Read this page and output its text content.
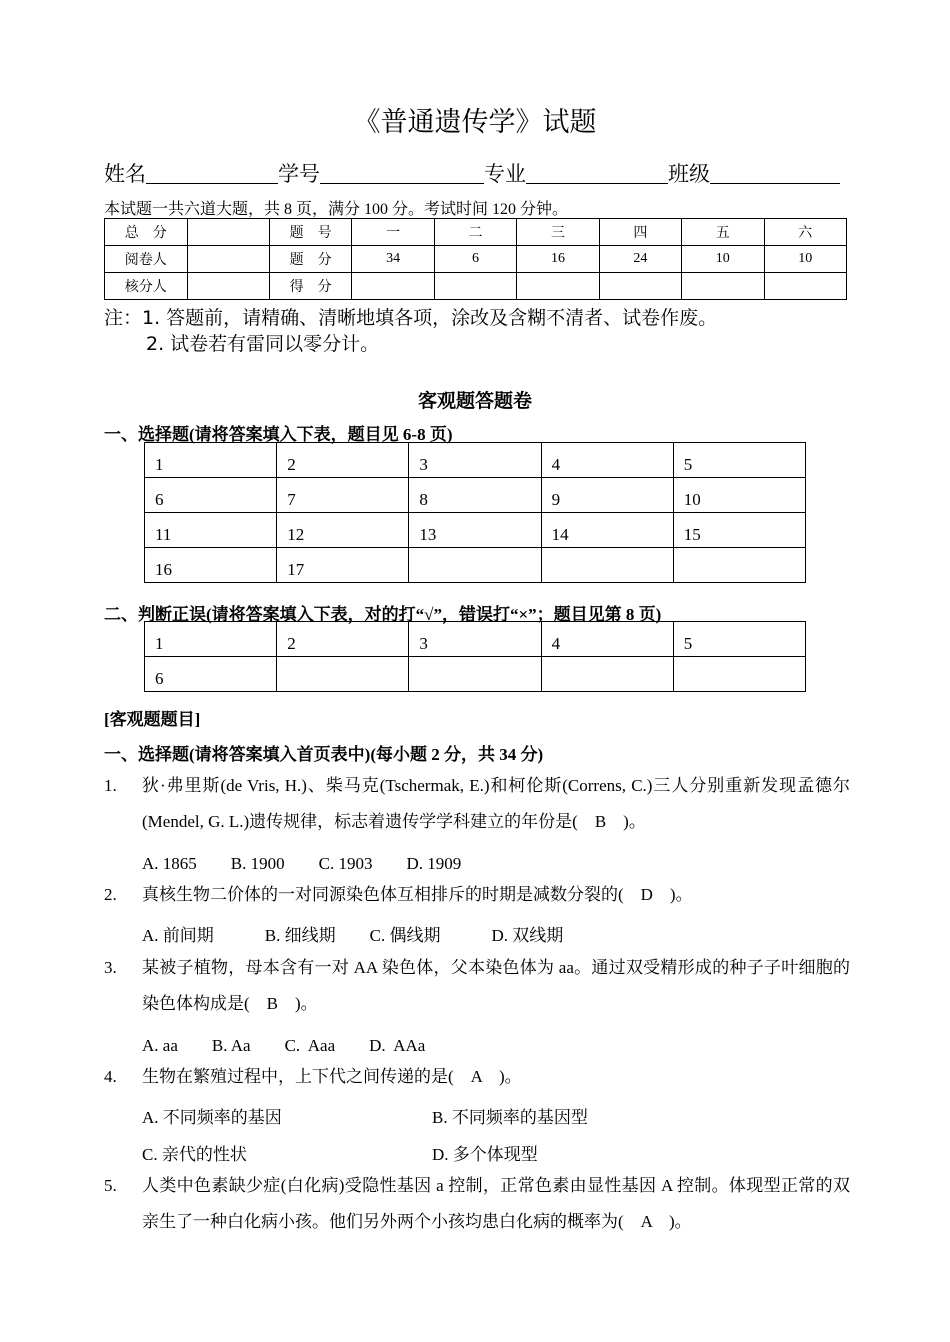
《普通遗传学》试题
姓名	学号	专业	班级
本试题一共六道大题，共 8 页，满分 100 分。考试时间 120 分钟。
总　分		题　号	一	二	三	四	五	六
阅卷人		题　分	34	6	16	24	10	10
核分人		得　分						
注：1. 答题前，请精确、清晰地填各项，涂改及含糊不清者、试卷作废。
2. 试卷若有雷同以零分计。
客观题答题卷
一、选择题(请将答案填入下表，题目见 6-8 页)
1	2	3	4	5
6	7	8	9	10
11	12	13	14	15
16	17			
二、判断正误(请将答案填入下表，对的打“√”，错误打“×”；题目见第 8 页)
1	2	3	4	5
6				
[客观题题目]
一、选择题(请将答案填入首页表中)(每小题 2 分，共 34 分)
1. 狄·弗里斯(de Vris, H.)、柴马克(Tschermak, E.)和柯伦斯(Correns, C.)三人分别重新发现孟德尔(Mendel, G. L.)遗传规律，标志着遗传学学科建立的年份是(　B　)。
A. 1865　　B. 1900　　C. 1903　　D. 1909
2. 真核生物二价体的一对同源染色体互相排斥的时期是减数分裂的(　D　)。
A. 前间期　　　B. 细线期　　C. 偶线期　　　D. 双线期
3. 某被子植物，母本含有一对 AA 染色体，父本染色体为 aa。通过双受精形成的种子子叶细胞的染色体构成是(　B　)。
A. aa　　B. Aa　　C.  Aaa　　D.  AAa
4. 生物在繁殖过程中，上下代之间传递的是(　A　)。
A. 不同频率的基因	B. 不同频率的基因型
C. 亲代的性状	D. 多个体现型
5. 人类中色素缺少症(白化病)受隐性基因 a 控制，正常色素由显性基因 A 控制。体现型正常的双亲生了一种白化病小孩。他们另外两个小孩均患白化病的概率为(　A　)。
